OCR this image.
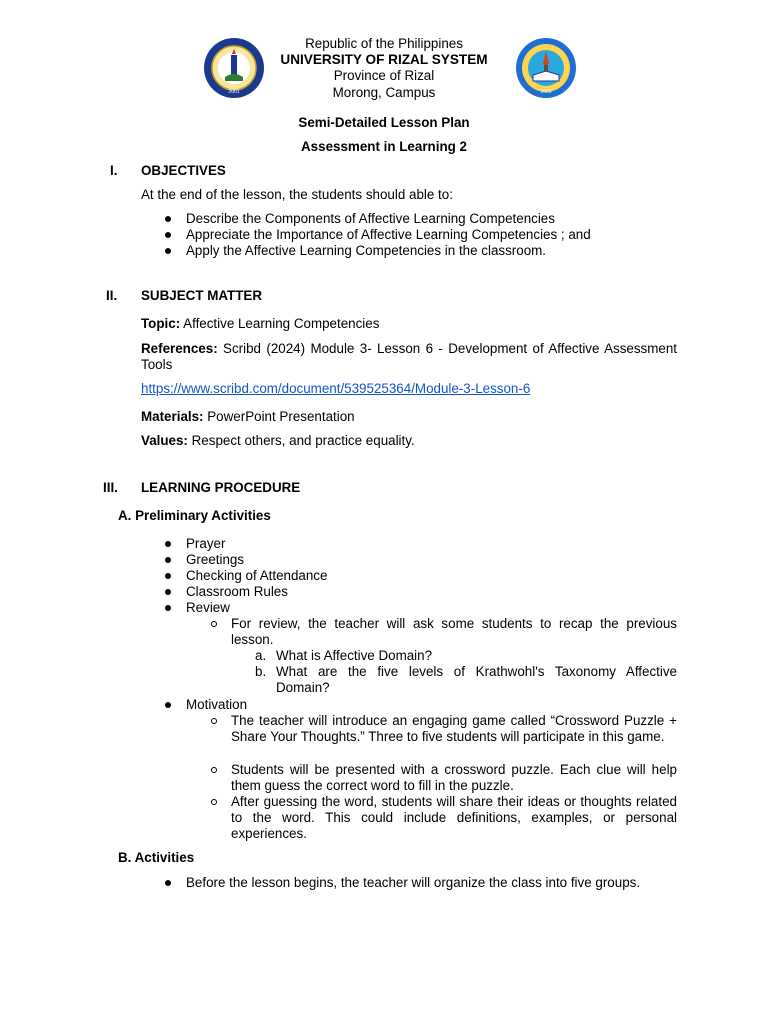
2001	2003
Republic of the Philippines
UNIVERSITY OF RIZAL SYSTEM
Province of Rizal
Morong, Campus
Semi-Detailed Lesson Plan
Assessment in Learning 2
I. OBJECTIVES
At the end of the lesson, the students should able to:
Describe the Components of Affective Learning Competencies
Appreciate the Importance of Affective Learning Competencies ; and
Apply the Affective Learning Competencies in the classroom.
II. SUBJECT MATTER
Topic: Affective Learning Competencies
References: Scribd (2024) Module 3- Lesson 6 - Development of Affective Assessment Tools
https://www.scribd.com/document/539525364/Module-3-Lesson-6
Materials: PowerPoint Presentation
Values: Respect others, and practice equality.
III. LEARNING PROCEDURE
A. Preliminary Activities
Prayer
Greetings
Checking of Attendance
Classroom Rules
Review
For review, the teacher will ask some students to recap the previous lesson.
a. What is Affective Domain?
b. What are the five levels of Krathwohl's Taxonomy Affective Domain?
Motivation
The teacher will introduce an engaging game called “Crossword Puzzle + Share Your Thoughts.” Three to five students will participate in this game.
Students will be presented with a crossword puzzle. Each clue will help them guess the correct word to fill in the puzzle.
After guessing the word, students will share their ideas or thoughts related to the word. This could include definitions, examples, or personal experiences.
B. Activities
Before the lesson begins, the teacher will organize the class into five groups.
